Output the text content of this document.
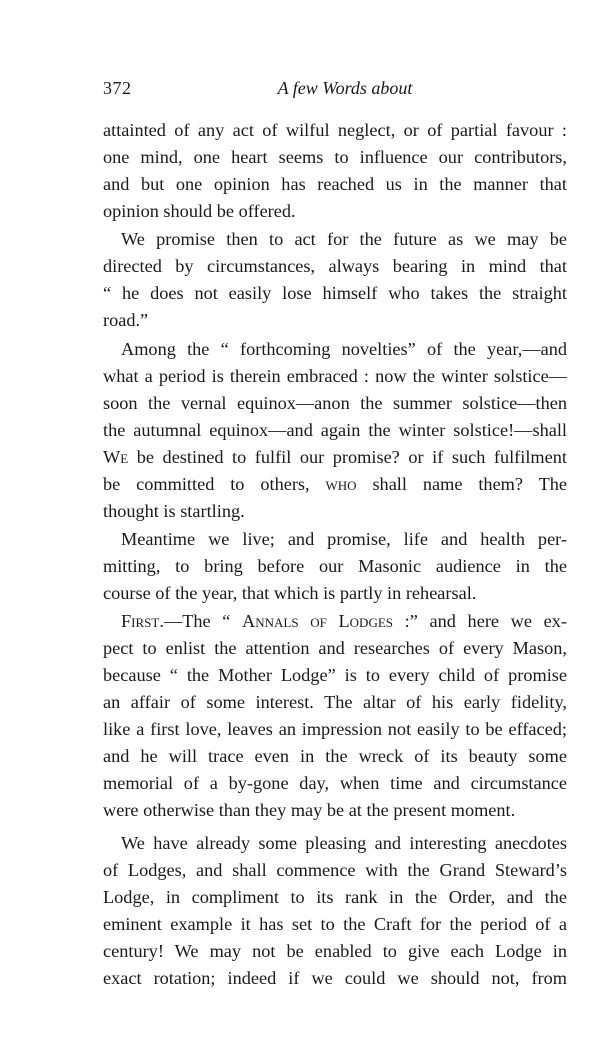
372	A few Words about

attainted of any act of wilful neglect, or of partial favour :
one mind, one heart seems to influence our contributors,
and but one opinion has reached us in the manner that
opinion should be offered.

We promise then to act for the future as we may be
directed by circumstances, always bearing in mind that
“ he does not easily lose himself who takes the straight
road.”

Among the “ forthcoming novelties” of the year,—and
what a period is therein embraced : now the winter solstice—
soon the vernal equinox—anon the summer solstice—then
the autumnal equinox—and again the winter solstice!—shall
We be destined to fulfil our promise? or if such fulfilment
be committed to others, who shall name them? The
thought is startling.

Meantime we live; and promise, life and health per-
mitting, to bring before our Masonic audience in the
course of the year, that which is partly in rehearsal.

First.—The “ Annals of Lodges :” and here we ex-
pect to enlist the attention and researches of every Mason,
because “ the Mother Lodge” is to every child of promise
an affair of some interest. The altar of his early fidelity,
like a first love, leaves an impression not easily to be effaced;
and he will trace even in the wreck of its beauty some
memorial of a by-gone day, when time and circumstance
were otherwise than they may be at the present moment.

We have already some pleasing and interesting anecdotes
of Lodges, and shall commence with the Grand Steward’s
Lodge, in compliment to its rank in the Order, and the
eminent example it has set to the Craft for the period of a
century! We may not be enabled to give each Lodge in
exact rotation; indeed if we could we should not, from
